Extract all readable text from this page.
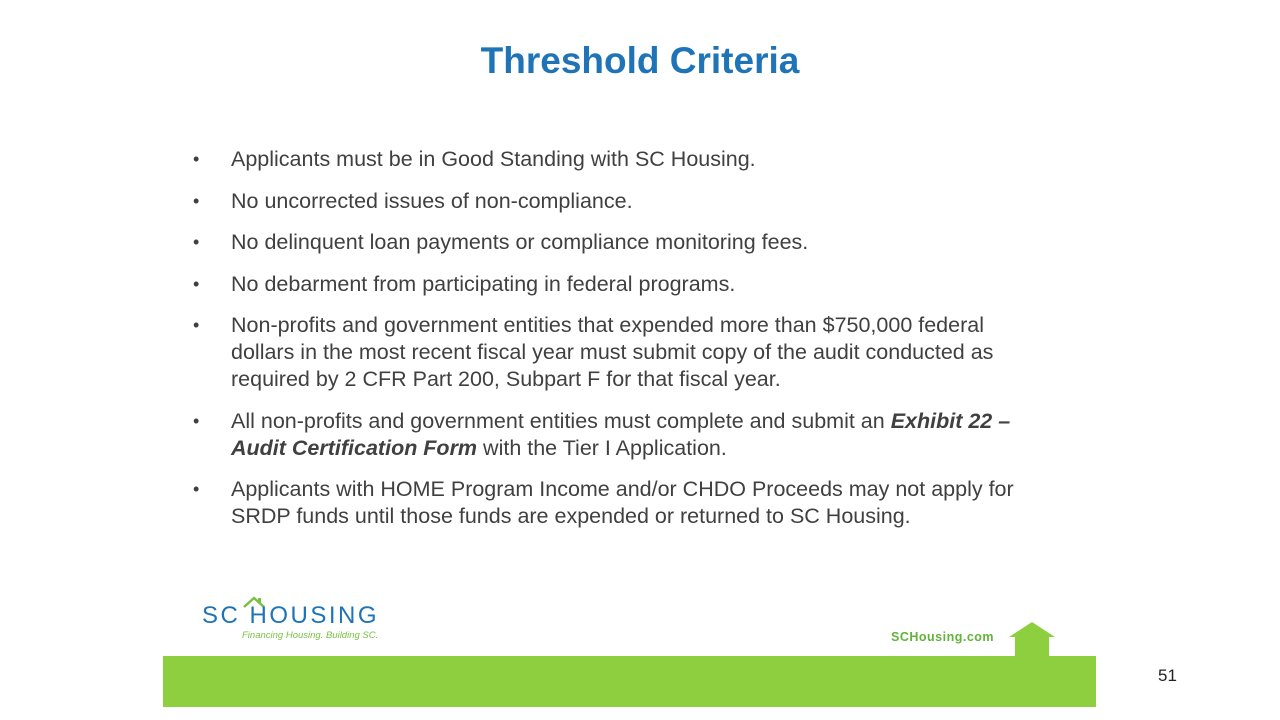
Threshold Criteria
• Applicants must be in Good Standing with SC Housing.
• No uncorrected issues of non-compliance.
• No delinquent loan payments or compliance monitoring fees.
• No debarment from participating in federal programs.
• Non-profits and government entities that expended more than $750,000 federal dollars in the most recent fiscal year must submit copy of the audit conducted as required by 2 CFR Part 200, Subpart F for that fiscal year.
• All non-profits and government entities must complete and submit an Exhibit 22 – Audit Certification Form with the Tier I Application.
• Applicants with HOME Program Income and/or CHDO Proceeds may not apply for SRDP funds until those funds are expended or returned to SC Housing.
SC HOUSING
Financing Housing. Building SC.	SCHousing.com
51
